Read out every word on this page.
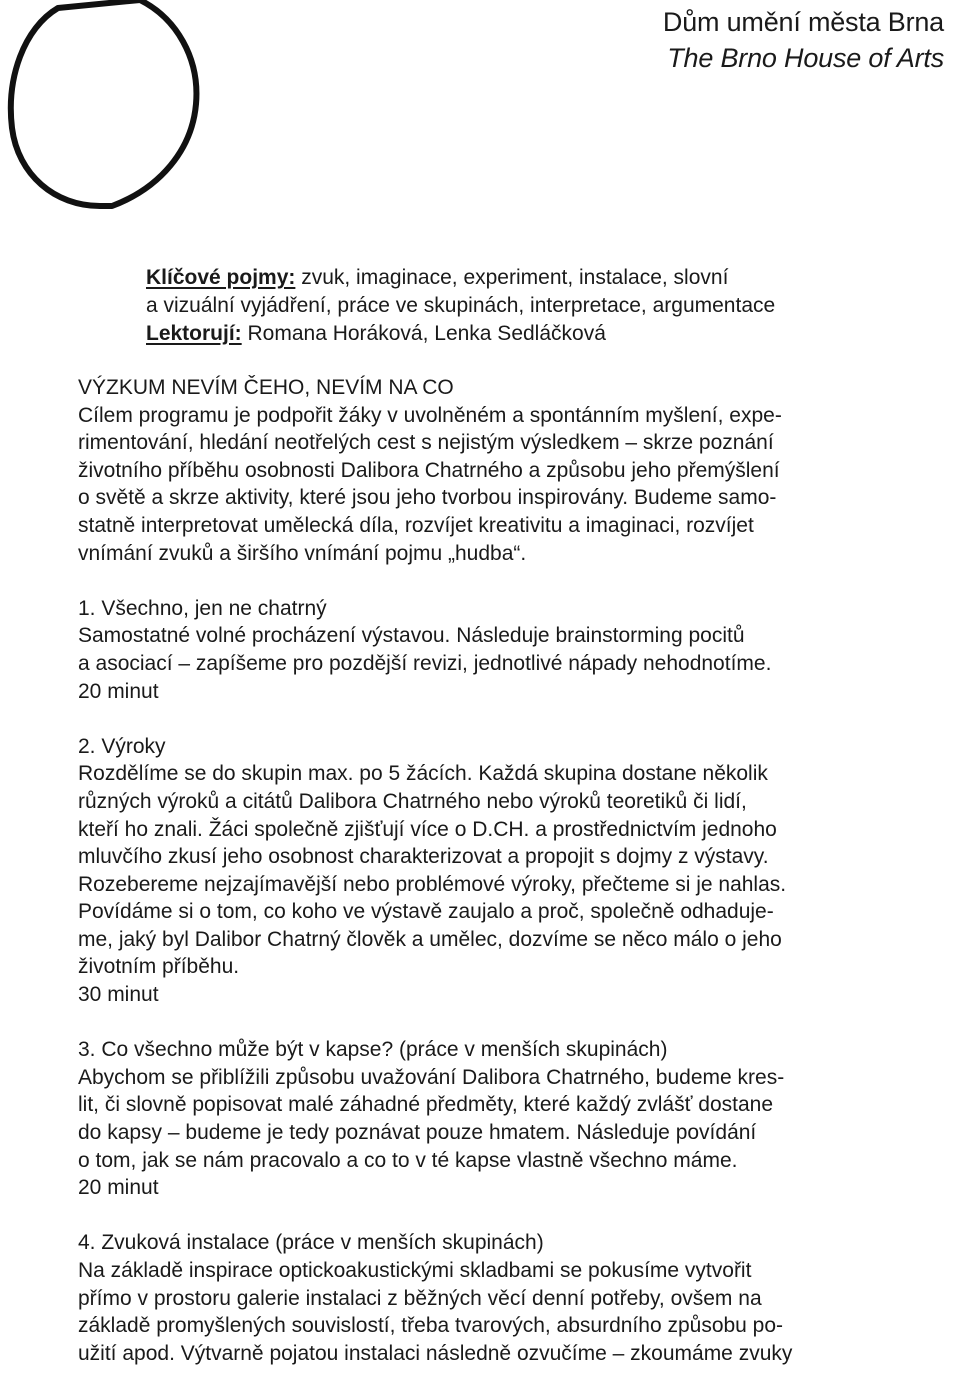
Dům umění města Brna
The Brno House of Arts
Klíčové pojmy: zvuk, imaginace, experiment, instalace, slovní
a vizuální vyjádření, práce ve skupinách, interpretace, argumentace
Lektorují: Romana Horáková, Lenka Sedláčková
VÝZKUM NEVÍM ČEHO, NEVÍM NA CO
Cílem programu je podpořit žáky v uvolněném a spontánním myšlení, expe-
rimentování, hledání neotřelých cest s nejistým výsledkem – skrze poznání
životního příběhu osobnosti Dalibora Chatrného a způsobu jeho přemýšlení
o světě a skrze aktivity, které jsou jeho tvorbou inspirovány. Budeme samo-
statně interpretovat umělecká díla, rozvíjet kreativitu a imaginaci, rozvíjet
vnímání zvuků a širšího vnímání pojmu „hudba“.
1. Všechno, jen ne chatrný
Samostatné volné procházení výstavou. Následuje brainstorming pocitů
a asociací – zapíšeme pro pozdější revizi, jednotlivé nápady nehodnotíme.
20 minut
2. Výroky
Rozdělíme se do skupin max. po 5 žácích. Každá skupina dostane několik
různých výroků a citátů Dalibora Chatrného nebo výroků teoretiků či lidí,
kteří ho znali. Žáci společně zjišťují více o D.CH. a prostřednictvím jednoho
mluvčího zkusí jeho osobnost charakterizovat a propojit s dojmy z výstavy.
Rozebereme nejzajímavější nebo problémové výroky, přečteme si je nahlas.
Povídáme si o tom, co koho ve výstavě zaujalo a proč, společně odhaduje-
me, jaký byl Dalibor Chatrný člověk a umělec, dozvíme se něco málo o jeho
životním příběhu.
30 minut
3. Co všechno může být v kapse? (práce v menších skupinách)
Abychom se přiblížili způsobu uvažování Dalibora Chatrného, budeme kres-
lit, či slovně popisovat malé záhadné předměty, které každý zvlášť dostane
do kapsy – budeme je tedy poznávat pouze hmatem. Následuje povídání
o tom, jak se nám pracovalo a co to v té kapse vlastně všechno máme.
20 minut
4. Zvuková instalace (práce v menších skupinách)
Na základě inspirace optickoakustickými skladbami se pokusíme vytvořit
přímo v prostoru galerie instalaci z běžných věcí denní potřeby, ovšem na
základě promyšlených souvislostí, třeba tvarových, absurdního způsobu po-
užití apod. Výtvarně pojatou instalaci následně ozvučíme – zkoumáme zvuky
